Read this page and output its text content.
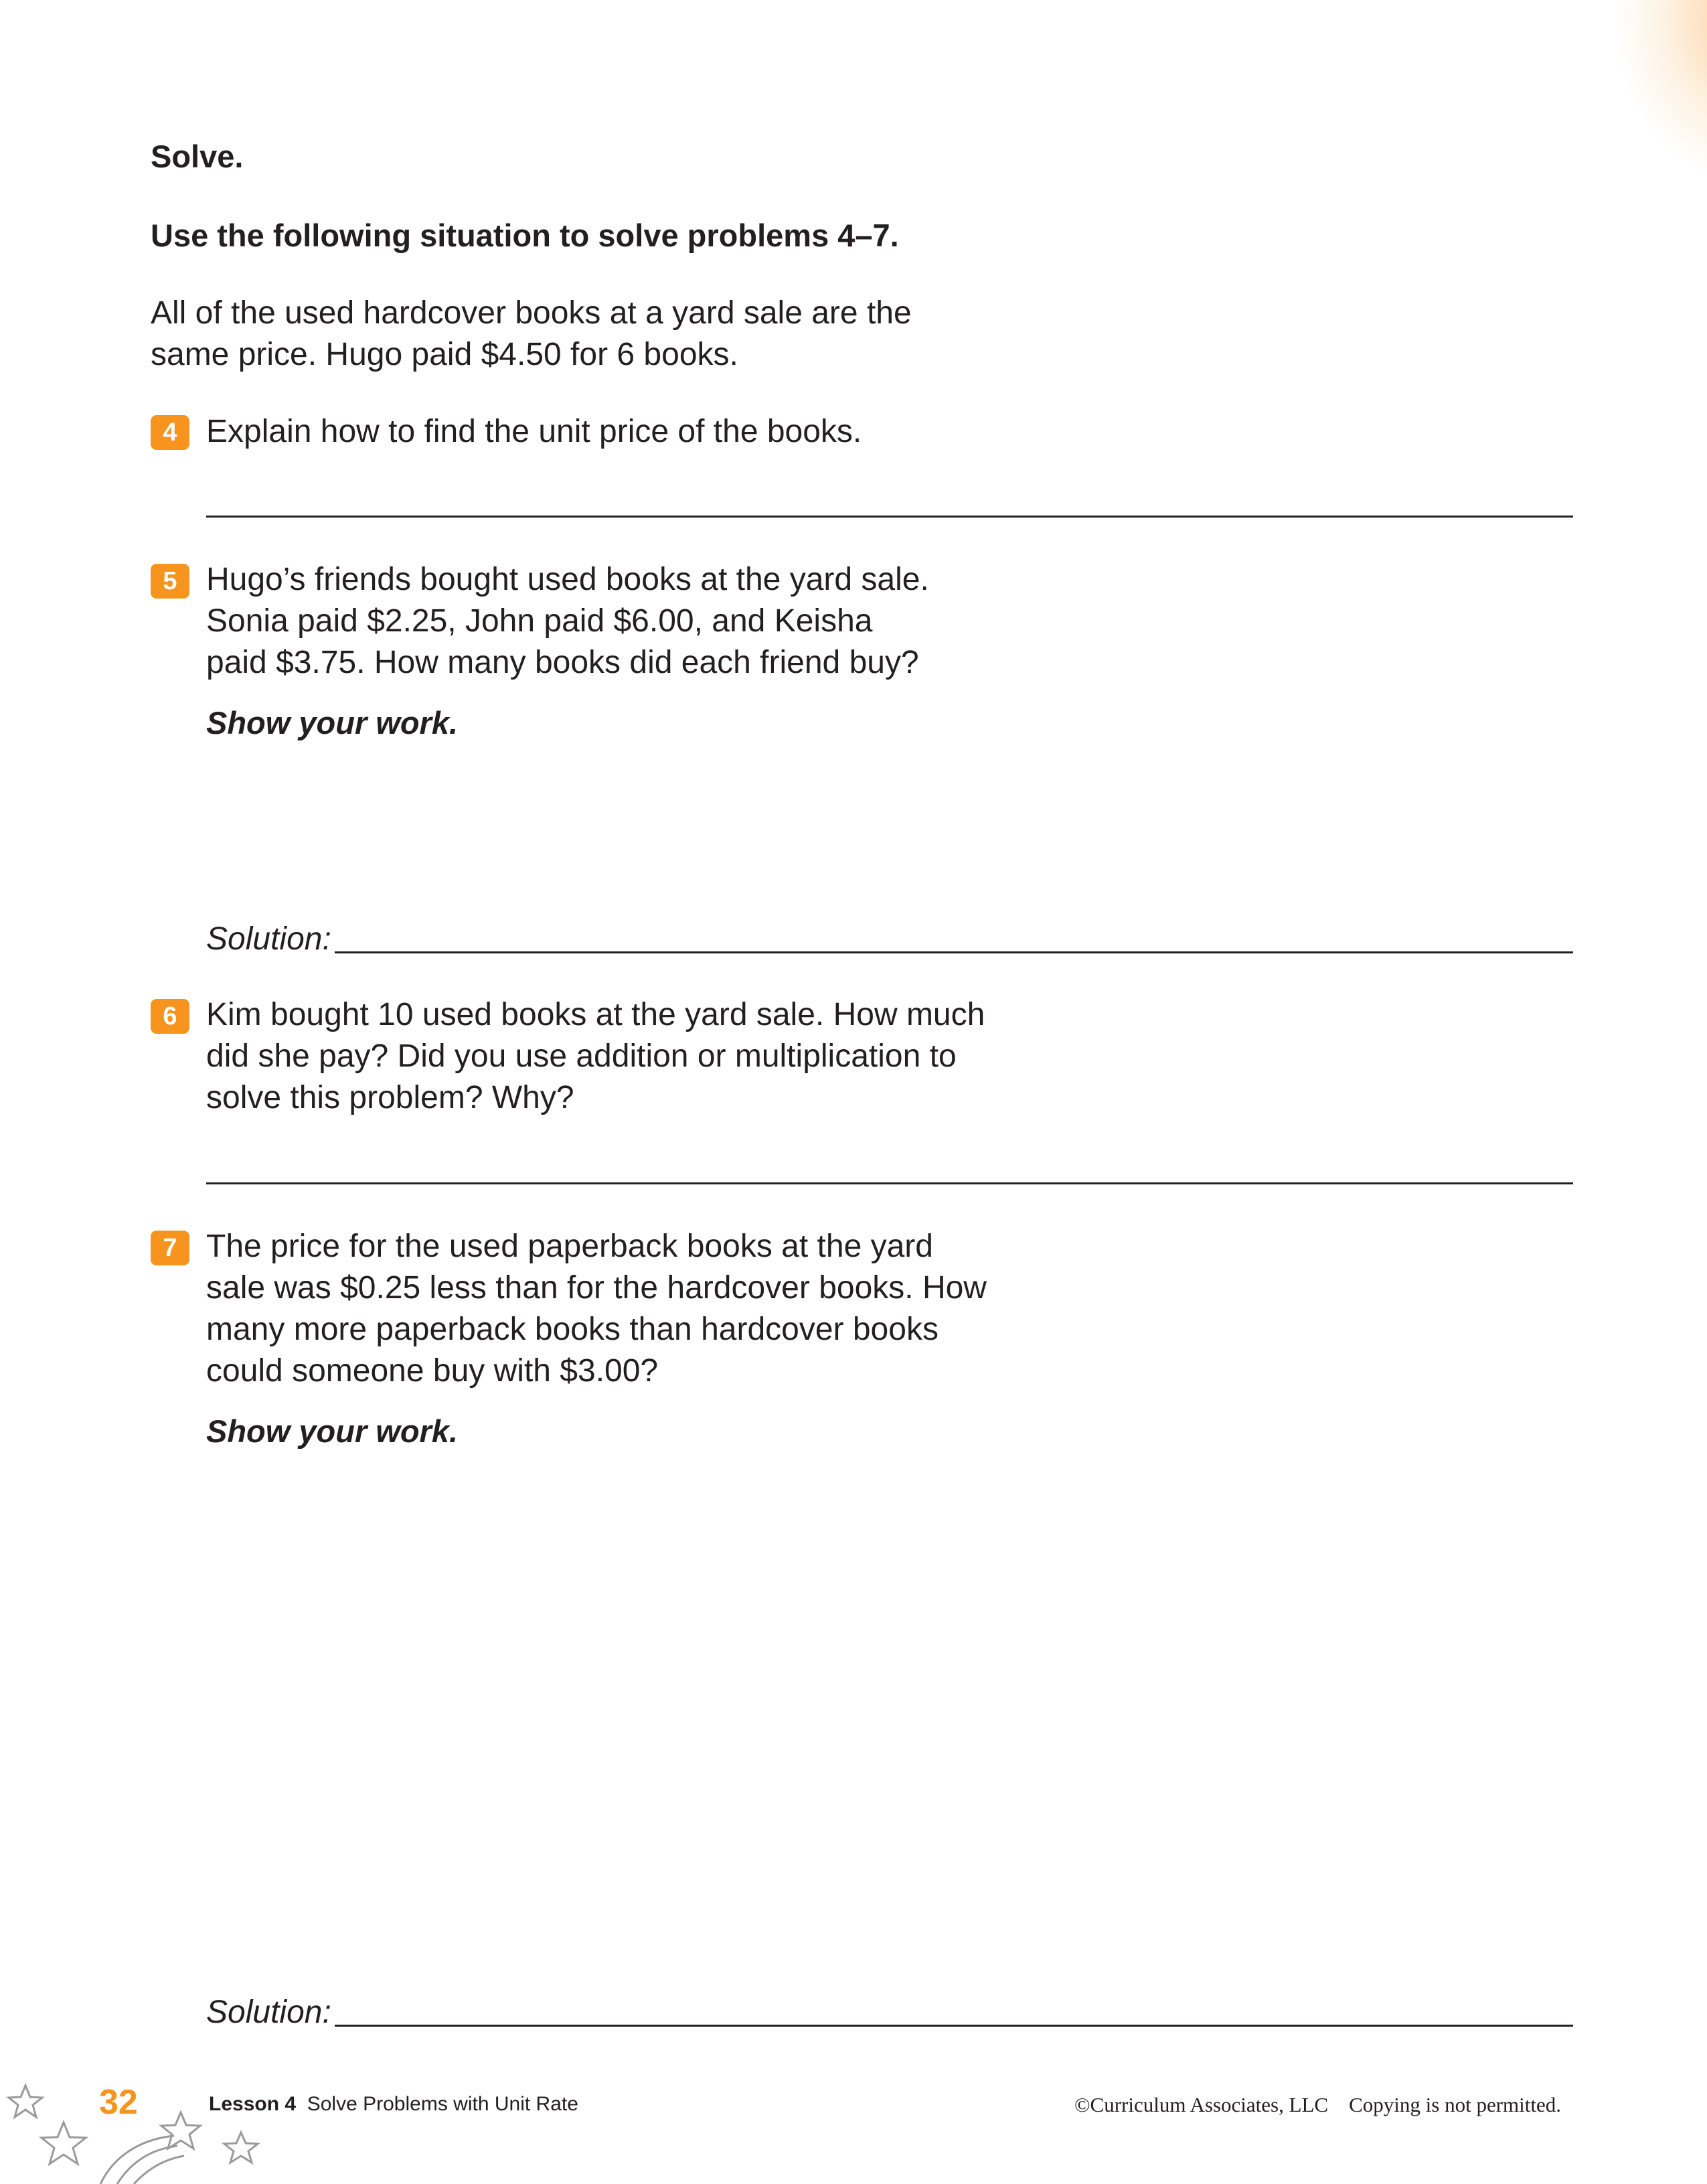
Solve.
Use the following situation to solve problems 4–7.
All of the used hardcover books at a yard sale are the
same price. Hugo paid $4.50 for 6 books.
4 Explain how to find the unit price of the books.
5 Hugo’s friends bought used books at the yard sale.
Sonia paid $2.25, John paid $6.00, and Keisha
paid $3.75. How many books did each friend buy?
Show your work.
Solution:
6 Kim bought 10 used books at the yard sale. How much
did she pay? Did you use addition or multiplication to
solve this problem? Why?
7 The price for the used paperback books at the yard
sale was $0.25 less than for the hardcover books. How
many more paperback books than hardcover books
could someone buy with $3.00?
Show your work.
Solution:
32	Lesson 4 Solve Problems with Unit Rate	©Curriculum Associates, LLC Copying is not permitted.
